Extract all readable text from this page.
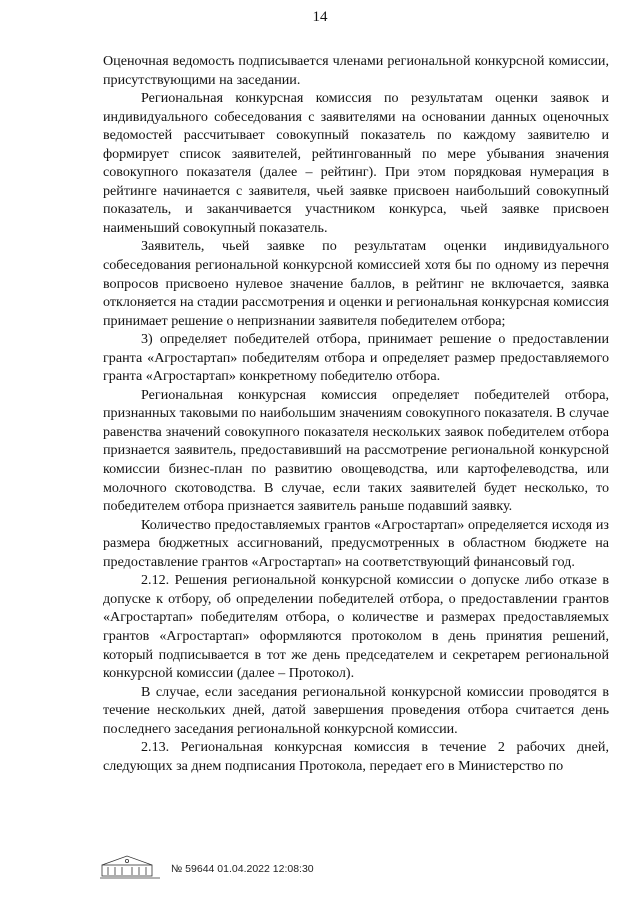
14

Оценочная ведомость подписывается членами региональной конкурсной комиссии, присутствующими на заседании.

Региональная конкурсная комиссия по результатам оценки заявок и индивидуального собеседования с заявителями на основании данных оценочных ведомостей рассчитывает совокупный показатель по каждому заявителю и формирует список заявителей, рейтингованный по мере убывания значения совокупного показателя (далее – рейтинг). При этом порядковая нумерация в рейтинге начинается с заявителя, чьей заявке присвоен наибольший совокупный показатель, и заканчивается участником конкурса, чьей заявке присвоен наименьший совокупный показатель.

Заявитель, чьей заявке по результатам оценки индивидуального собеседования региональной конкурсной комиссией хотя бы по одному из перечня вопросов присвоено нулевое значение баллов, в рейтинг не включается, заявка отклоняется на стадии рассмотрения и оценки и региональная конкурсная комиссия принимает решение о непризнании заявителя победителем отбора;

3) определяет победителей отбора, принимает решение о предоставлении гранта «Агростартап» победителям отбора и определяет размер предоставляемого гранта «Агростартап» конкретному победителю отбора.

Региональная конкурсная комиссия определяет победителей отбора, признанных таковыми по наибольшим значениям совокупного показателя. В случае равенства значений совокупного показателя нескольких заявок победителем отбора признается заявитель, предоставивший на рассмотрение региональной конкурсной комиссии бизнес-план по развитию овощеводства, или картофелеводства, или молочного скотоводства. В случае, если таких заявителей будет несколько, то победителем отбора признается заявитель раньше подавший заявку.

Количество предоставляемых грантов «Агростартап» определяется исходя из размера бюджетных ассигнований, предусмотренных в областном бюджете на предоставление грантов «Агростартап» на соответствующий финансовый год.

2.12. Решения региональной конкурсной комиссии о допуске либо отказе в допуске к отбору, об определении победителей отбора, о предоставлении грантов «Агростартап» победителям отбора, о количестве и размерах предоставляемых грантов «Агростартап» оформляются протоколом в день принятия решений, который подписывается в тот же день председателем и секретарем региональной конкурсной комиссии (далее – Протокол).

В случае, если заседания региональной конкурсной комиссии проводятся в течение нескольких дней, датой завершения проведения отбора считается день последнего заседания региональной конкурсной комиссии.

2.13. Региональная конкурсная комиссия в течение 2 рабочих дней, следующих за днем подписания Протокола, передает его в Министерство по

№ 59644 01.04.2022 12:08:30
